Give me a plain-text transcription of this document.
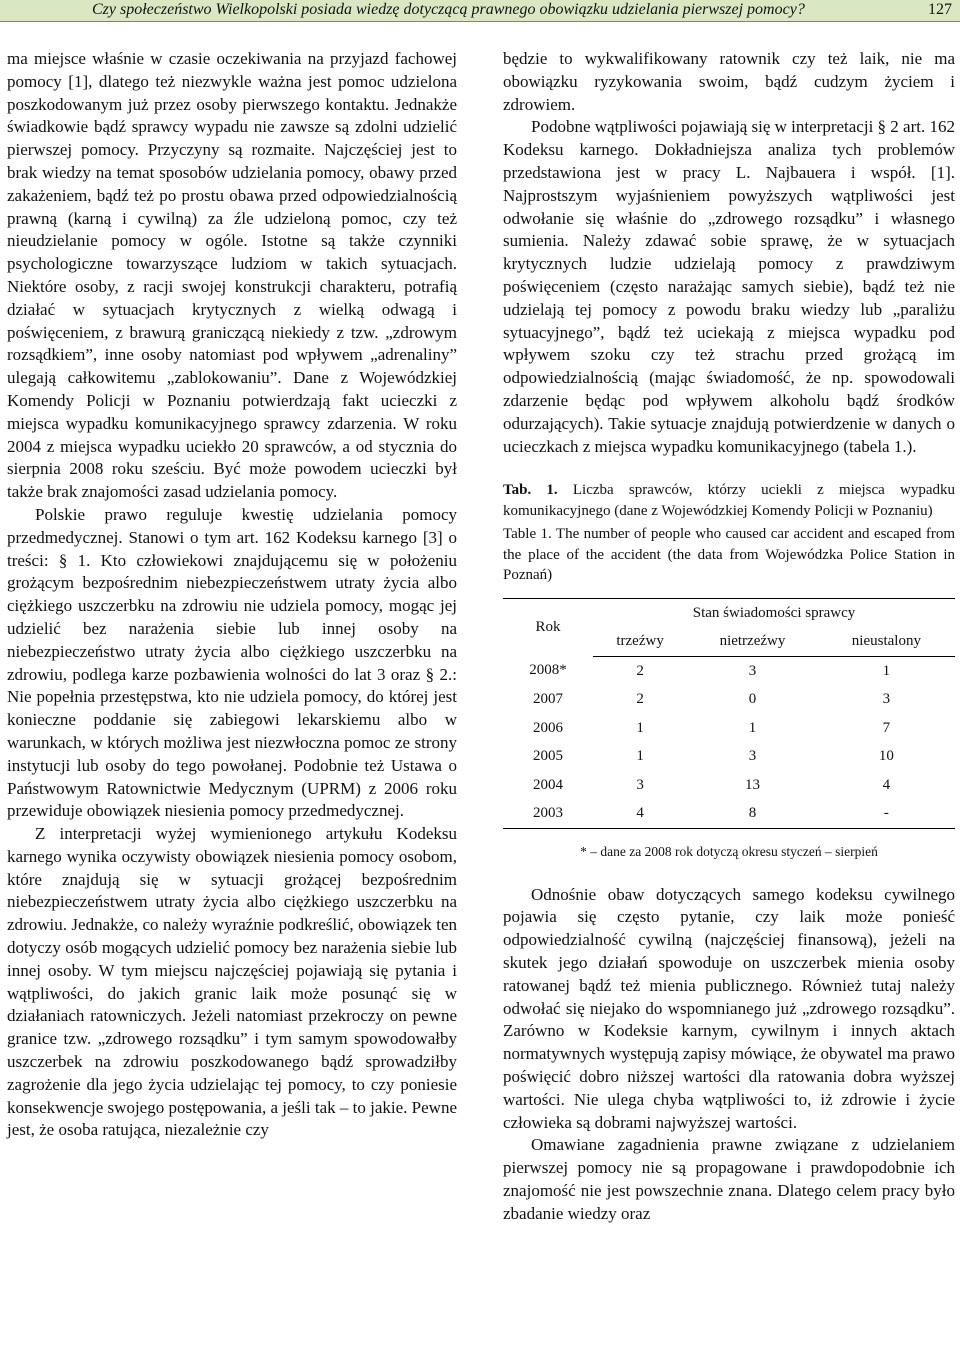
Czy społeczeństwo Wielkopolski posiada wiedzę dotyczącą prawnego obowiązku udzielania pierwszej pomocy?	127

ma miejsce właśnie w czasie oczekiwania na przyjazd fachowej pomocy [1], dlatego też niezwykle ważna jest pomoc udzielona poszkodowanym już przez osoby pierwszego kontaktu. Jednakże świadkowie bądź sprawcy wypadu nie zawsze są zdolni udzielić pierwszej pomocy. Przyczyny są rozmaite. Najczęściej jest to brak wiedzy na temat sposobów udzielania pomocy, obawy przed zakażeniem, bądź też po prostu obawa przed odpowiedzialnością prawną (karną i cywilną) za źle udzieloną pomoc, czy też nieudzielanie pomocy w ogóle. Istotne są także czynniki psychologiczne towarzyszące ludziom w takich sytuacjach. Niektóre osoby, z racji swojej konstrukcji charakteru, potrafią działać w sytuacjach krytycznych z wielką odwagą i poświęceniem, z brawurą graniczącą niekiedy z tzw. „zdrowym rozsądkiem”, inne osoby natomiast pod wpływem „adrenaliny” ulegają całkowitemu „zablokowaniu”. Dane z Wojewódzkiej Komendy Policji w Poznaniu potwierdzają fakt ucieczki z miejsca wypadku komunikacyjnego sprawcy zdarzenia. W roku 2004 z miejsca wypadku uciekło 20 sprawców, a od stycznia do sierpnia 2008 roku sześciu. Być może powodem ucieczki był także brak znajomości zasad udzielania pomocy.

Polskie prawo reguluje kwestię udzielania pomocy przedmedycznej. Stanowi o tym art. 162 Kodeksu karnego [3] o treści: § 1. Kto człowiekowi znajdującemu się w położeniu grożącym bezpośrednim niebezpieczeństwem utraty życia albo ciężkiego uszczerbku na zdrowiu nie udziela pomocy, mogąc jej udzielić bez narażenia siebie lub innej osoby na niebezpieczeństwo utraty życia albo ciężkiego uszczerbku na zdrowiu, podlega karze pozbawienia wolności do lat 3 oraz § 2.: Nie popełnia przestępstwa, kto nie udziela pomocy, do której jest konieczne poddanie się zabiegowi lekarskiemu albo w warunkach, w których możliwa jest niezwłoczna pomoc ze strony instytucji lub osoby do tego powołanej. Podobnie też Ustawa o Państwowym Ratownictwie Medycznym (UPRM) z 2006 roku przewiduje obowiązek niesienia pomocy przedmedycznej.

Z interpretacji wyżej wymienionego artykułu Kodeksu karnego wynika oczywisty obowiązek niesienia pomocy osobom, które znajdują się w sytuacji grożącej bezpośrednim niebezpieczeństwem utraty życia albo ciężkiego uszczerbku na zdrowiu. Jednakże, co należy wyraźnie podkreślić, obowiązek ten dotyczy osób mogących udzielić pomocy bez narażenia siebie lub innej osoby. W tym miejscu najczęściej pojawiają się pytania i wątpliwości, do jakich granic laik może posunąć się w działaniach ratowniczych. Jeżeli natomiast przekroczy on pewne granice tzw. „zdrowego rozsądku” i tym samym spowodowałby uszczerbek na zdrowiu poszkodowanego bądź sprowadziłby zagrożenie dla jego życia udzielając tej pomocy, to czy poniesie konsekwencje swojego postępowania, a jeśli tak – to jakie. Pewne jest, że osoba ratująca, niezależnie czy

będzie to wykwalifikowany ratownik czy też laik, nie ma obowiązku ryzykowania swoim, bądź cudzym życiem i zdrowiem.

Podobne wątpliwości pojawiają się w interpretacji § 2 art. 162 Kodeksu karnego. Dokładniejsza analiza tych problemów przedstawiona jest w pracy L. Najbauera i współ. [1]. Najprostszym wyjaśnieniem powyższych wątpliwości jest odwołanie się właśnie do „zdrowego rozsądku” i własnego sumienia. Należy zdawać sobie sprawę, że w sytuacjach krytycznych ludzie udzielają pomocy z prawdziwym poświęceniem (często narażając samych siebie), bądź też nie udzielają tej pomocy z powodu braku wiedzy lub „paraliżu sytuacyjnego”, bądź też uciekają z miejsca wypadku pod wpływem szoku czy też strachu przed grożącą im odpowiedzialnością (mając świadomość, że np. spowodowali zdarzenie będąc pod wpływem alkoholu bądź środków odurzających). Takie sytuacje znajdują potwierdzenie w danych o ucieczkach z miejsca wypadku komunikacyjnego (tabela 1.).

Tab. 1. Liczba sprawców, którzy uciekli z miejsca wypadku komunikacyjnego (dane z Wojewódzkiej Komendy Policji w Poznaniu)

Table 1. The number of people who caused car accident and escaped from the place of the accident (the data from Wojewódzka Police Station in Poznań)

Rok	Stan świadomości sprawcy		
	trzeźwy	nietrzeźwy	nieustalony
2008*	2	3	1
2007	2	0	3
2006	1	1	7
2005	1	3	10
2004	3	13	4
2003	4	8	-
* – dane za 2008 rok dotyczą okresu styczeń – sierpień

Odnośnie obaw dotyczących samego kodeksu cywilnego pojawia się często pytanie, czy laik może ponieść odpowiedzialność cywilną (najczęściej finansową), jeżeli na skutek jego działań spowoduje on uszczerbek mienia osoby ratowanej bądź też mienia publicznego. Również tutaj należy odwołać się niejako do wspomnianego już „zdrowego rozsądku”. Zarówno w Kodeksie karnym, cywilnym i innych aktach normatywnych występują zapisy mówiące, że obywatel ma prawo poświęcić dobro niższej wartości dla ratowania dobra wyższej wartości. Nie ulega chyba wątpliwości to, iż zdrowie i życie człowieka są dobrami najwyższej wartości.

Omawiane zagadnienia prawne związane z udzielaniem pierwszej pomocy nie są propagowane i prawdopodobnie ich znajomość nie jest powszechnie znana. Dlatego celem pracy było zbadanie wiedzy oraz
